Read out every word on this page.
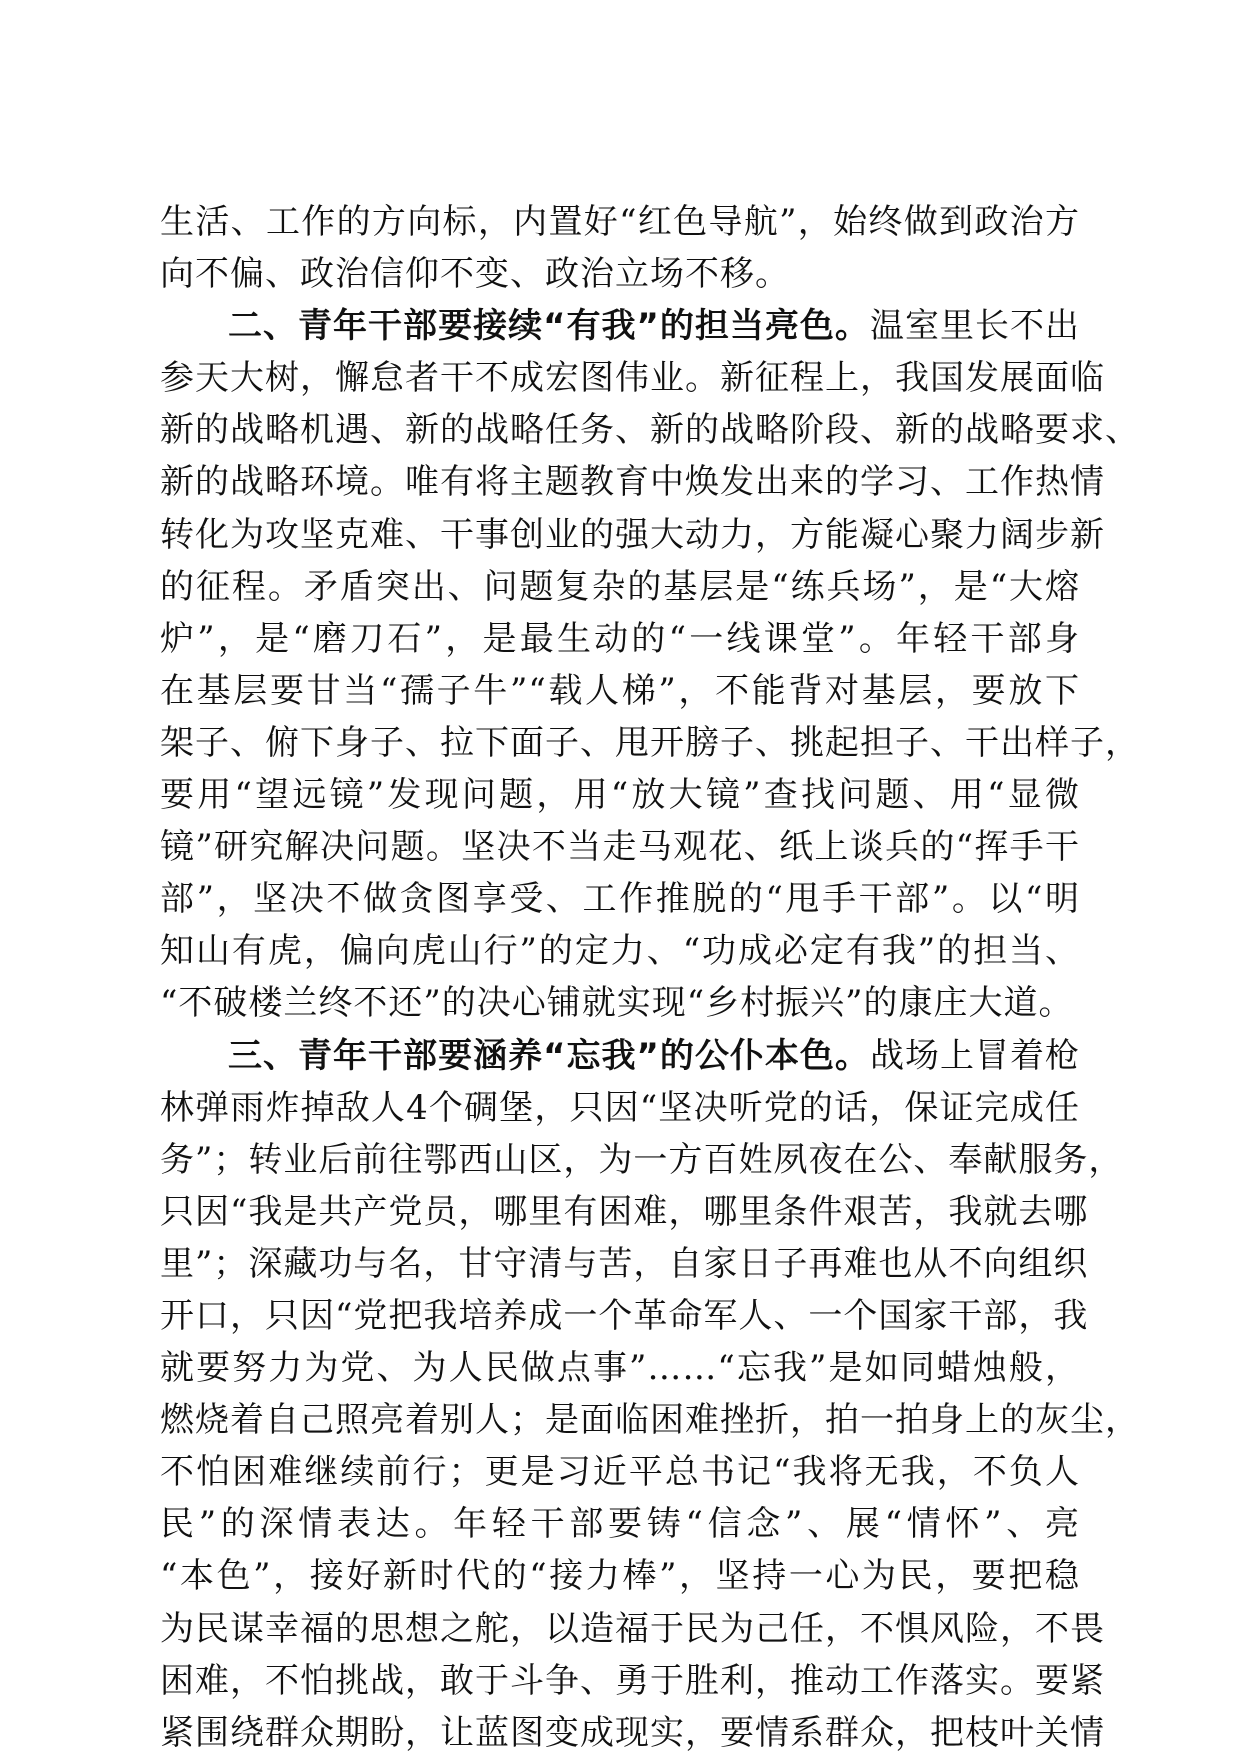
生活、工作的方向标，内置好“红色导航”，始终做到政治方
向不偏、政治信仰不变、政治立场不移。
二、青年干部要接续“有我”的担当亮色。温室里长不出
参天大树，懈怠者干不成宏图伟业。新征程上，我国发展面临
新的战略机遇、新的战略任务、新的战略阶段、新的战略要求、
新的战略环境。唯有将主题教育中焕发出来的学习、工作热情
转化为攻坚克难、干事创业的强大动力，方能凝心聚力阔步新
的征程。矛盾突出、问题复杂的基层是“练兵场”，是“大熔
炉”，是“磨刀石”，是最生动的“一线课堂”。年轻干部身
在基层要甘当“孺子牛”“载人梯”，不能背对基层，要放下
架子、俯下身子、拉下面子、甩开膀子、挑起担子、干出样子，
要用“望远镜”发现问题，用“放大镜”查找问题、用“显微
镜”研究解决问题。坚决不当走马观花、纸上谈兵的“挥手干
部”，坚决不做贪图享受、工作推脱的“甩手干部”。以“明
知山有虎，偏向虎山行”的定力、“功成必定有我”的担当、
“不破楼兰终不还”的决心铺就实现“乡村振兴”的康庄大道。
三、青年干部要涵养“忘我”的公仆本色。战场上冒着枪
林弹雨炸掉敌人4个碉堡，只因“坚决听党的话，保证完成任
务”；转业后前往鄂西山区，为一方百姓夙夜在公、奉献服务，
只因“我是共产党员，哪里有困难，哪里条件艰苦，我就去哪
里”；深藏功与名，甘守清与苦，自家日子再难也从不向组织
开口，只因“党把我培养成一个革命军人、一个国家干部，我
就要努力为党、为人民做点事”……“忘我”是如同蜡烛般，
燃烧着自己照亮着别人；是面临困难挫折，拍一拍身上的灰尘，
不怕困难继续前行；更是习近平总书记“我将无我，不负人
民”的深情表达。年轻干部要铸“信念”、展“情怀”、亮
“本色”，接好新时代的“接力棒”，坚持一心为民，要把稳
为民谋幸福的思想之舵，以造福于民为己任，不惧风险，不畏
困难，不怕挑战，敢于斗争、勇于胜利，推动工作落实。要紧
紧围绕群众期盼，让蓝图变成现实，要情系群众，把枝叶关情
